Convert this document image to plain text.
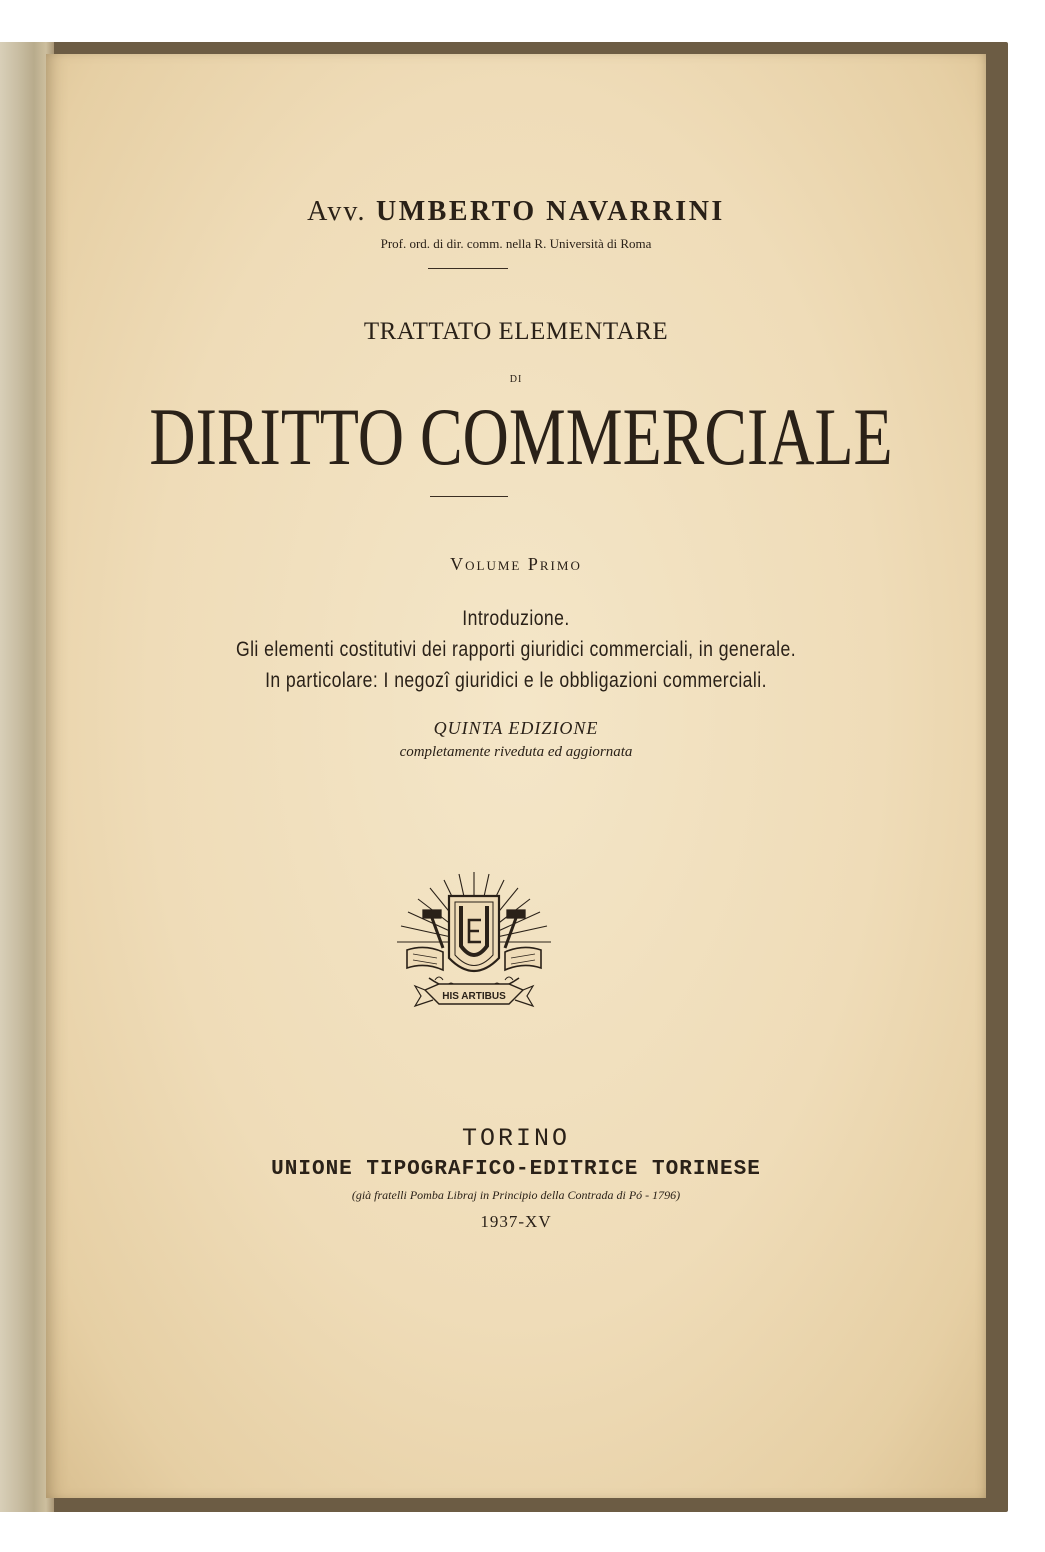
Avv. UMBERTO NAVARRINI

Prof. ord. di dir. comm. nella R. Università di Roma

TRATTATO ELEMENTARE

DI

DIRITTO COMMERCIALE

Volume Primo

Introduzione.

Gli elementi costitutivi dei rapporti giuridici commerciali, in generale.

In particolare: I negozî giuridici e le obbligazioni commerciali.

QUINTA EDIZIONE

completamente riveduta ed aggiornata

HIS ARTIBUS

TORINO

UNIONE TIPOGRAFICO-EDITRICE TORINESE

(già fratelli Pomba Libraj in Principio della Contrada di Pó - 1796)

1937-XV
